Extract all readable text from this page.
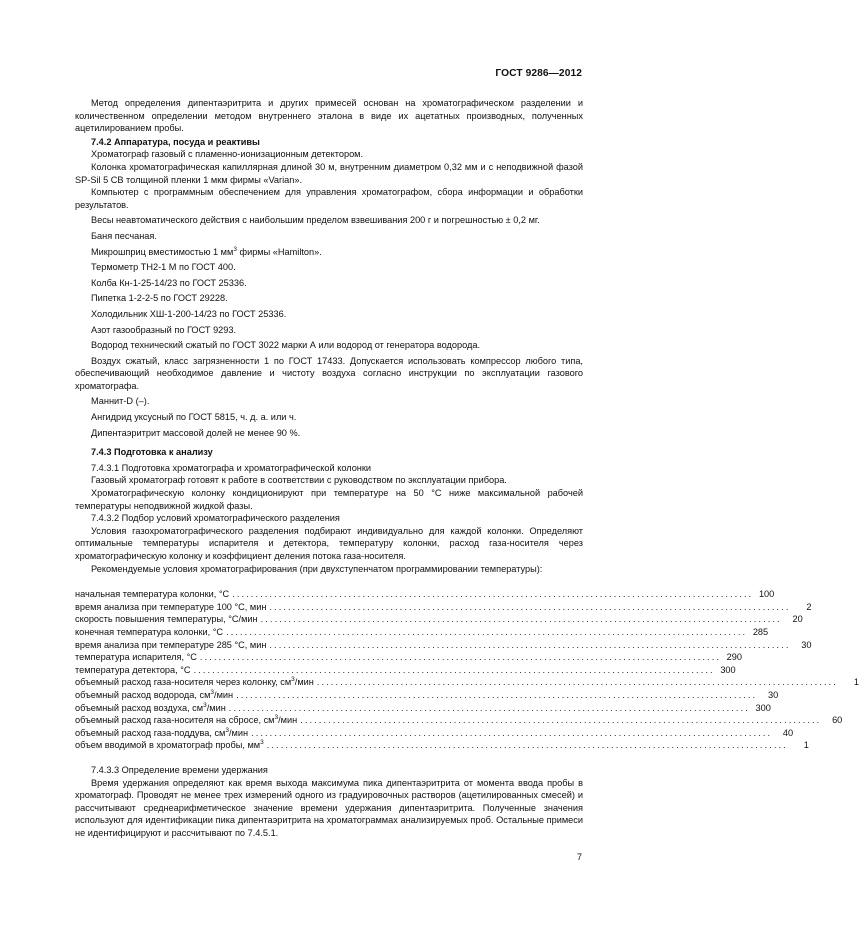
ГОСТ 9286—2012

Метод определения дипентаэритрита и других примесей основан на хроматографическом разделении и количественном определении методом внутреннего эталона в виде их ацетатных производных, полученных ацетилированием пробы.

7.4.2 Аппаратура, посуда и реактивы

Хроматограф газовый с пламенно-ионизационным детектором.

Колонка хроматографическая капиллярная длиной 30 м, внутренним диаметром 0,32 мм и с неподвижной фазой SP-Sil 5 CB толщиной пленки 1 мкм фирмы «Varian».

Компьютер с программным обеспечением для управления хроматографом, сбора информации и обработки результатов.

Весы неавтоматического действия с наибольшим пределом взвешивания 200 г и погрешностью ± 0,2 мг.

Баня песчаная.

Микрошприц вместимостью 1 $мм^3$ фирмы «Hamilton».

Термометр ТН2-1 М по ГОСТ 400.

Колба Кн-1-25-14/23 по ГОСТ 25336.

Пипетка 1-2-2-5 по ГОСТ 29228.

Холодильник ХШ-1-200-14/23 по ГОСТ 25336.

Азот газообразный по ГОСТ 9293.

Водород технический сжатый по ГОСТ 3022 марки А или водород от генератора водорода.

Воздух сжатый, класс загрязненности 1 по ГОСТ 17433. Допускается использовать компрессор любого типа, обеспечивающий необходимое давление и чистоту воздуха согласно инструкции по эксплуатации газового хроматографа.

Маннит-D (–).

Ангидрид уксусный по ГОСТ 5815, ч. д. а. или ч.

Дипентаэритрит массовой долей не менее 90 %.

7.4.3 Подготовка к анализу

7.4.3.1 Подготовка хроматографа и хроматографической колонки

Газовый хроматограф готовят к работе в соответствии с руководством по эксплуатации прибора.

Хроматографическую колонку кондиционируют при температуре на 50 °C ниже максимальной рабочей температуры неподвижной жидкой фазы.

7.4.3.2 Подбор условий хроматографического разделения

Условия газохроматографического разделения подбирают индивидуально для каждой колонки. Определяют оптимальные температуры испарителя и детектора, температуру колонки, расход газа-носителя через хроматографическую колонку и коэффициент деления потока газа-носителя.

Рекомендуемые условия хроматографирования (при двухступенчатом программировании температуры):

начальная температура колонки, °С ................................................................................................................ 100
время анализа при температуре 100 °С, мин ................................................................................................................	2
скорость повышения температуры, °С/мин ................................................................................................................	20
конечная температура колонки, °С ................................................................................................................ 285
время анализа при температуре 285 °С, мин ................................................................................................................	30
температура испарителя, °С ................................................................................................................ 290
температура детектора, °С ................................................................................................................ 300
объемный расход газа-носителя через колонку, $см^3$/мин ................................................................................................................	1
объемный расход водорода, $см^3$/мин ................................................................................................................	30
объемный расход воздуха, $см^3$/мин ................................................................................................................ 300
объемный расход газа-носителя на сбросе, $см^3$/мин ................................................................................................................	60
объемный расход газа-поддува, $см^3$/мин ................................................................................................................	40
объем вводимой в хроматограф пробы, $мм^3$ ................................................................................................................	1

7.4.3.3 Определение времени удержания

Время удержания определяют как время выхода максимума пика дипентаэритрита от момента ввода пробы в хроматограф. Проводят не менее трех измерений одного из градуировочных растворов (ацетилированных смесей) и рассчитывают среднеарифметическое значение времени удержания дипентаэритрита. Полученные значения используют для идентификации пика дипентаэритрита на хроматограммах анализируемых проб. Остальные примеси не идентифицируют и рассчитывают по 7.4.5.1.

7
